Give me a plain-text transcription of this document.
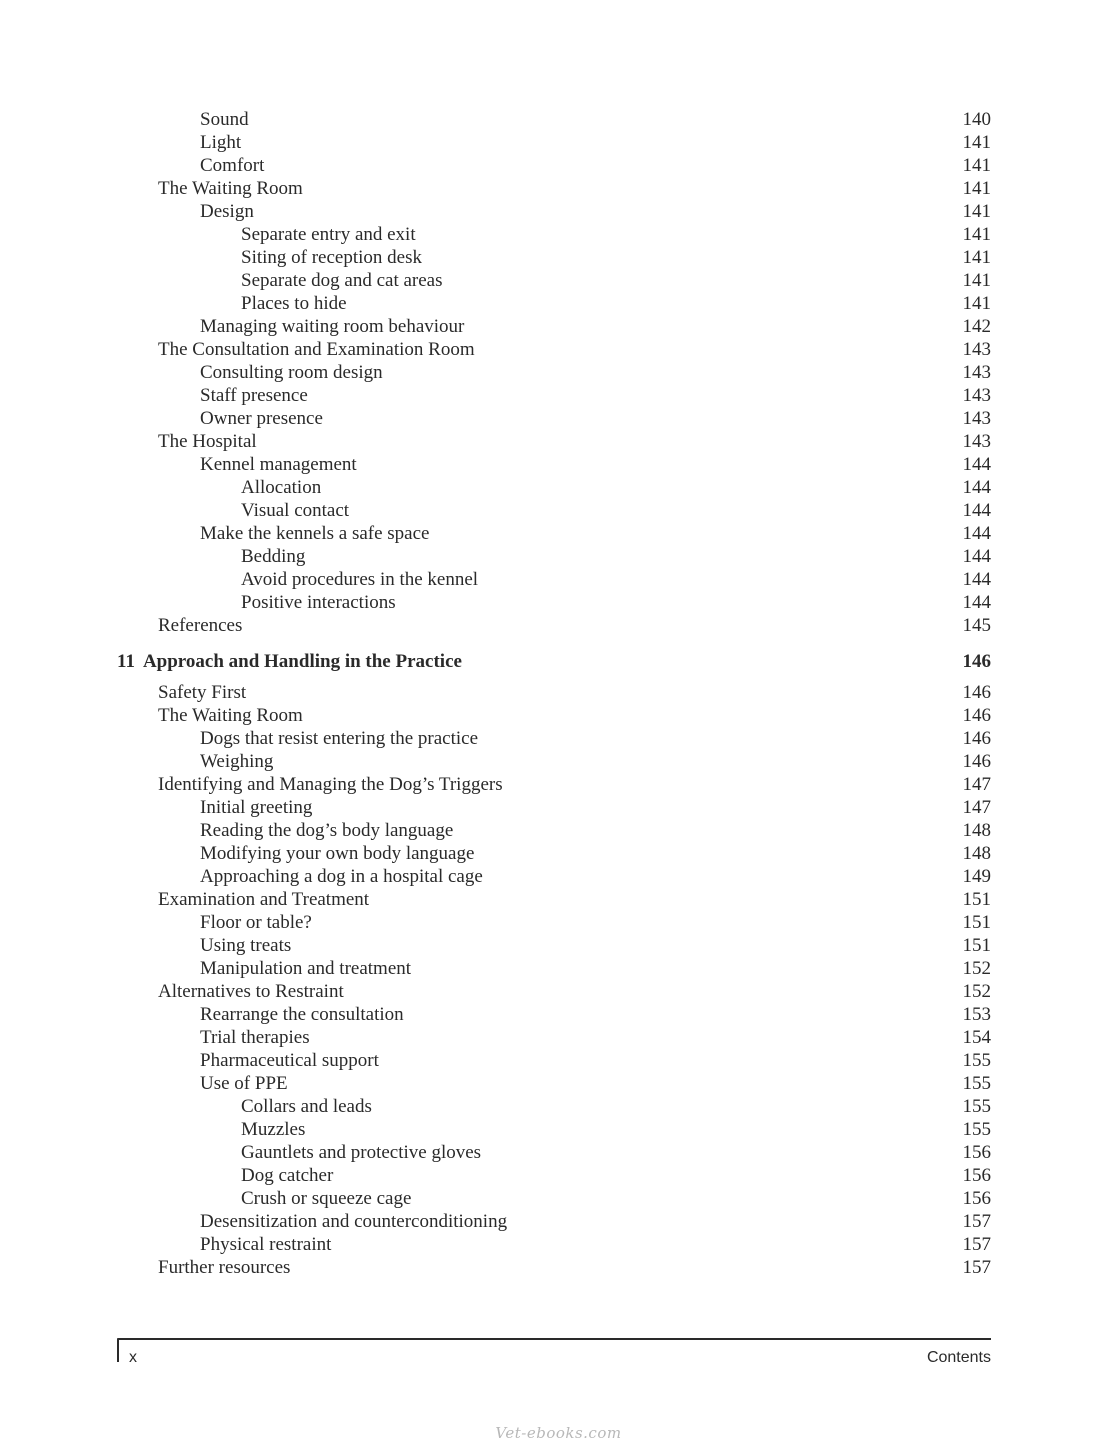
Sound	140
Light	141
Comfort	141
The Waiting Room	141
Design	141
Separate entry and exit	141
Siting of reception desk	141
Separate dog and cat areas	141
Places to hide	141
Managing waiting room behaviour	142
The Consultation and Examination Room	143
Consulting room design	143
Staff presence	143
Owner presence	143
The Hospital	143
Kennel management	144
Allocation	144
Visual contact	144
Make the kennels a safe space	144
Bedding	144
Avoid procedures in the kennel	144
Positive interactions	144
References	145
11 Approach and Handling in the Practice	146
Safety First	146
The Waiting Room	146
Dogs that resist entering the practice	146
Weighing	146
Identifying and Managing the Dog’s Triggers	147
Initial greeting	147
Reading the dog’s body language	148
Modifying your own body language	148
Approaching a dog in a hospital cage	149
Examination and Treatment	151
Floor or table?	151
Using treats	151
Manipulation and treatment	152
Alternatives to Restraint	152
Rearrange the consultation	153
Trial therapies	154
Pharmaceutical support	155
Use of PPE	155
Collars and leads	155
Muzzles	155
Gauntlets and protective gloves	156
Dog catcher	156
Crush or squeeze cage	156
Desensitization and counterconditioning	157
Physical restraint	157
Further resources	157
x	Contents
Vet-ebooks.com
